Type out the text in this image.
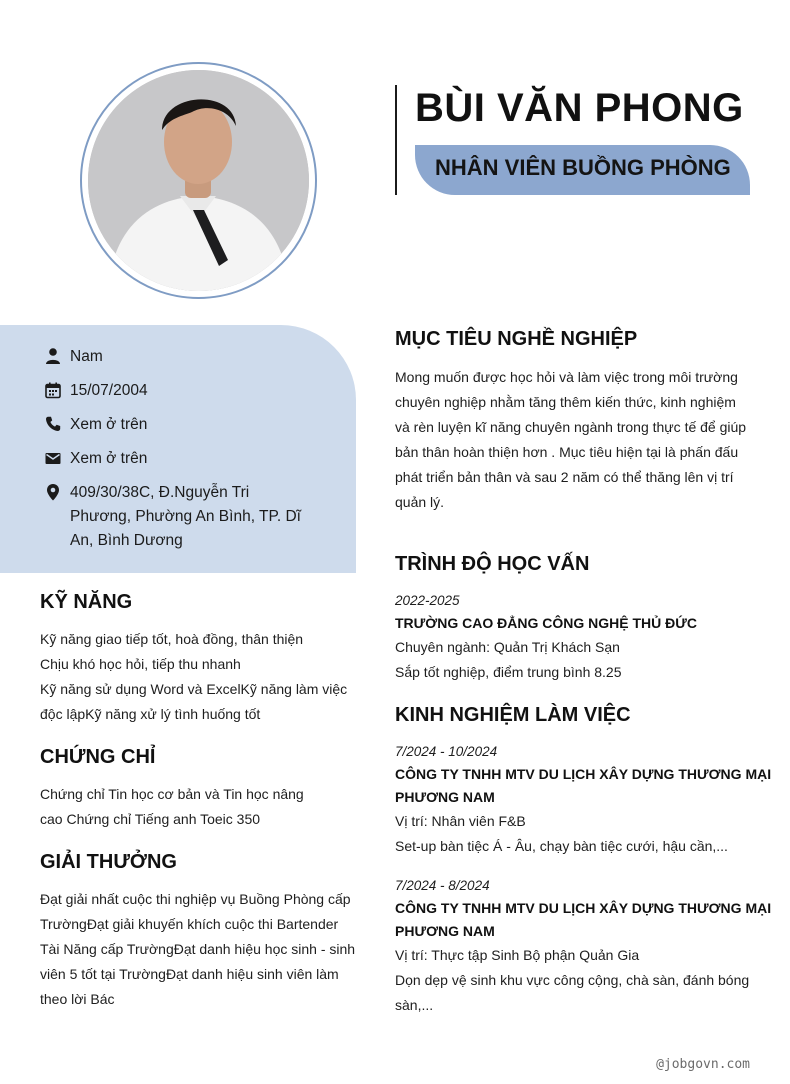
BÙI VĂN PHONG
NHÂN VIÊN BUỒNG PHÒNG
Nam
15/07/2004
Xem ở trên
Xem ở trên
409/30/38C, Đ.Nguyễn Tri
Phương, Phường An Bình, TP. Dĩ
An, Bình Dương
KỸ NĂNG
Kỹ năng giao tiếp tốt, hoà đồng, thân thiện
Chịu khó học hỏi, tiếp thu nhanh
Kỹ năng sử dụng Word và ExcelKỹ năng làm việc
độc lậpKỹ năng xử lý tình huống tốt
CHỨNG CHỈ
Chứng chỉ Tin học cơ bản và Tin học nâng
cao Chứng chỉ Tiếng anh Toeic 350
GIẢI THƯỞNG
Đạt giải nhất cuộc thi nghiệp vụ Buồng Phòng cấp
TrườngĐạt giải khuyến khích cuộc thi Bartender
Tài Năng cấp TrườngĐạt danh hiệu học sinh - sinh
viên 5 tốt tại TrườngĐạt danh hiệu sinh viên làm
theo lời Bác
MỤC TIÊU NGHỀ NGHIỆP
Mong muốn được học hỏi và làm việc trong môi trường
chuyên nghiệp nhằm tăng thêm kiến thức, kinh nghiệm
và rèn luyện kĩ năng chuyên ngành trong thực tế để giúp
bản thân hoàn thiện hơn . Mục tiêu hiện tại là phấn đấu
phát triển bản thân và sau 2 năm có thể thăng lên vị trí
quản lý.
TRÌNH ĐỘ HỌC VẤN
2022-2025
TRƯỜNG CAO ĐẲNG CÔNG NGHỆ THỦ ĐỨC
Chuyên ngành: Quản Trị Khách Sạn
Sắp tốt nghiệp, điểm trung bình 8.25
KINH NGHIỆM LÀM VIỆC
7/2024 - 10/2024
CÔNG TY TNHH MTV DU LỊCH XÂY DỰNG THƯƠNG MẠI
PHƯƠNG NAM
Vị trí: Nhân viên F&B
Set-up bàn tiệc Á - Âu, chạy bàn tiệc cưới, hậu cần,...
7/2024 - 8/2024
CÔNG TY TNHH MTV DU LỊCH XÂY DỰNG THƯƠNG MẠI
PHƯƠNG NAM
Vị trí: Thực tập Sinh Bộ phận Quản Gia
Dọn dẹp vệ sinh khu vực công cộng, chà sàn, đánh bóng
sàn,...
@jobgovn.com
